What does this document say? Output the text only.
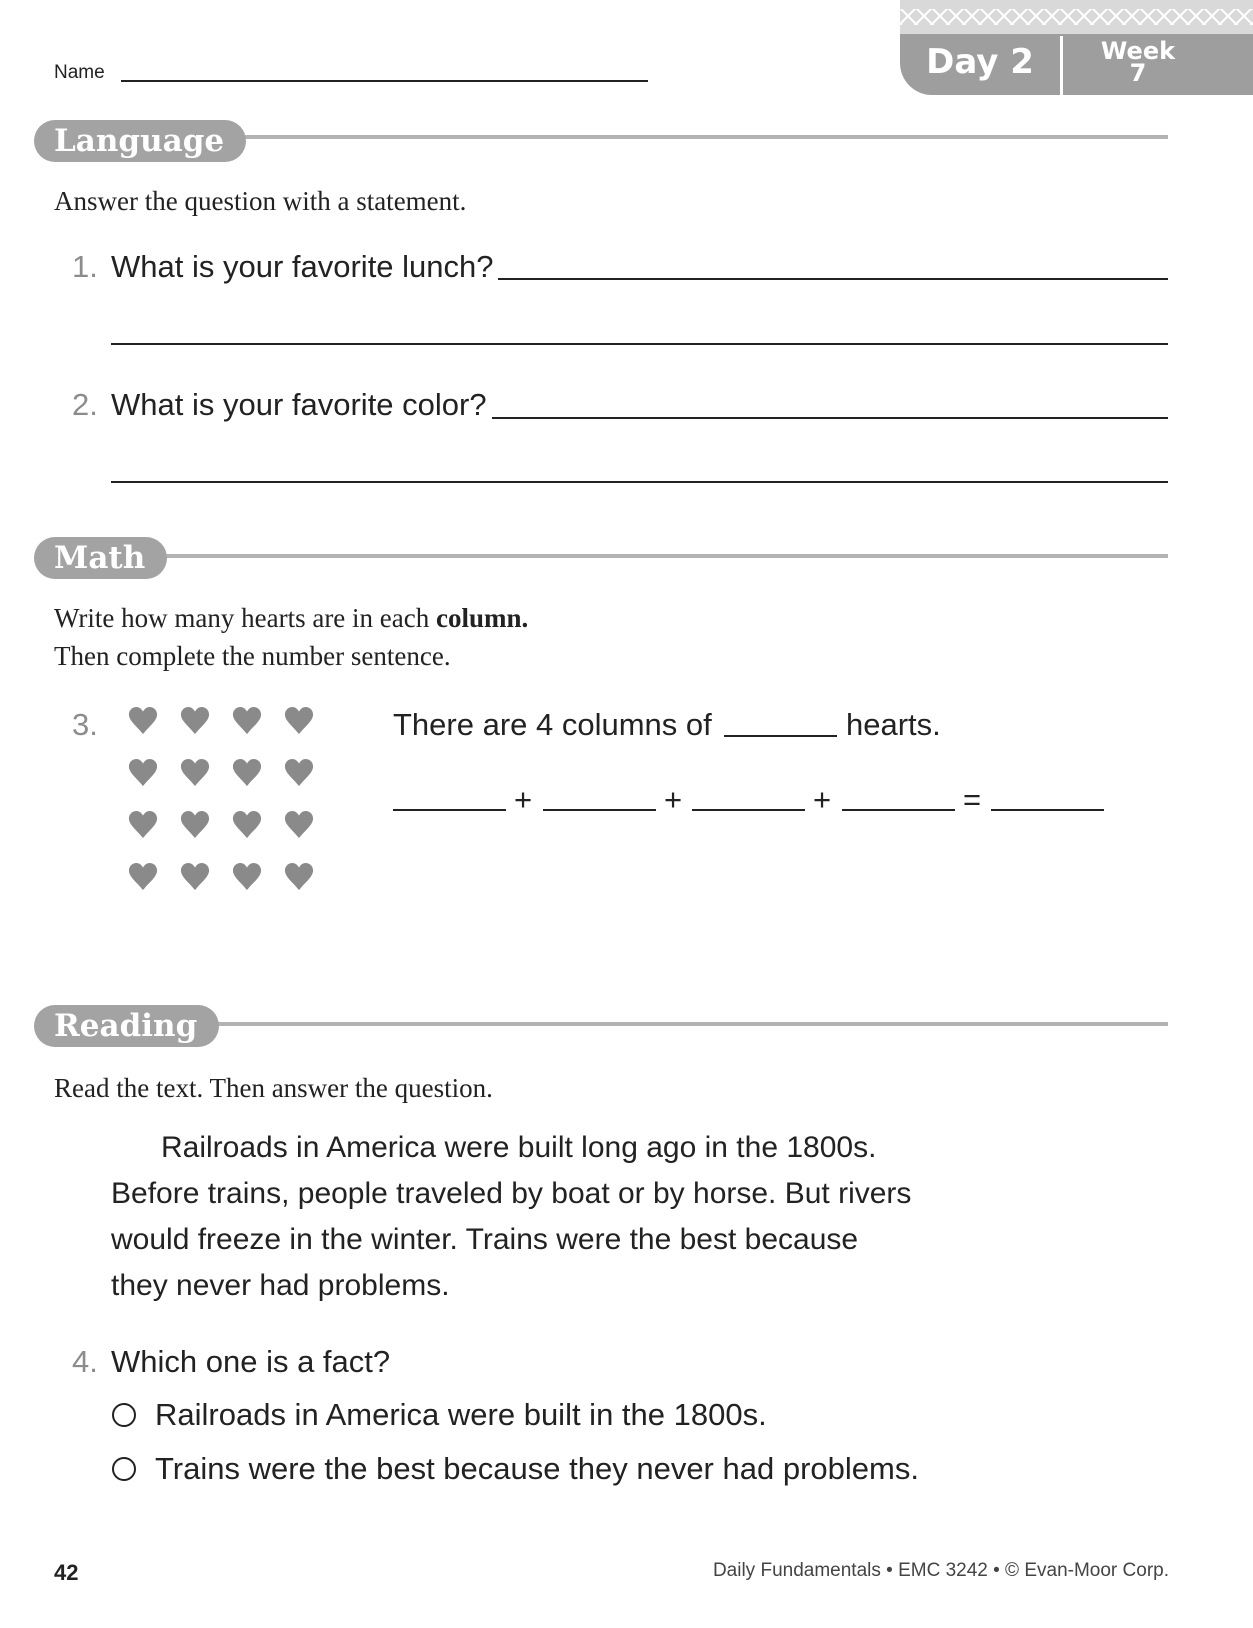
Day 2	Week
7
Name
Language
Answer the question with a statement.
1. What is your favorite lunch?
2. What is your favorite color?
Math
Write how many hearts are in each column.
Then complete the number sentence.
3.	There are 4 columns of	hearts.
+	+	+	=
Reading
Read the text. Then answer the question.
Railroads in America were built long ago in the 1800s.
Before trains, people traveled by boat or by horse. But rivers
would freeze in the winter. Trains were the best because
they never had problems.
4. Which one is a fact?
Railroads in America were built in the 1800s.
Trains were the best because they never had problems.
42	Daily Fundamentals • EMC 3242 • © Evan-Moor Corp.
